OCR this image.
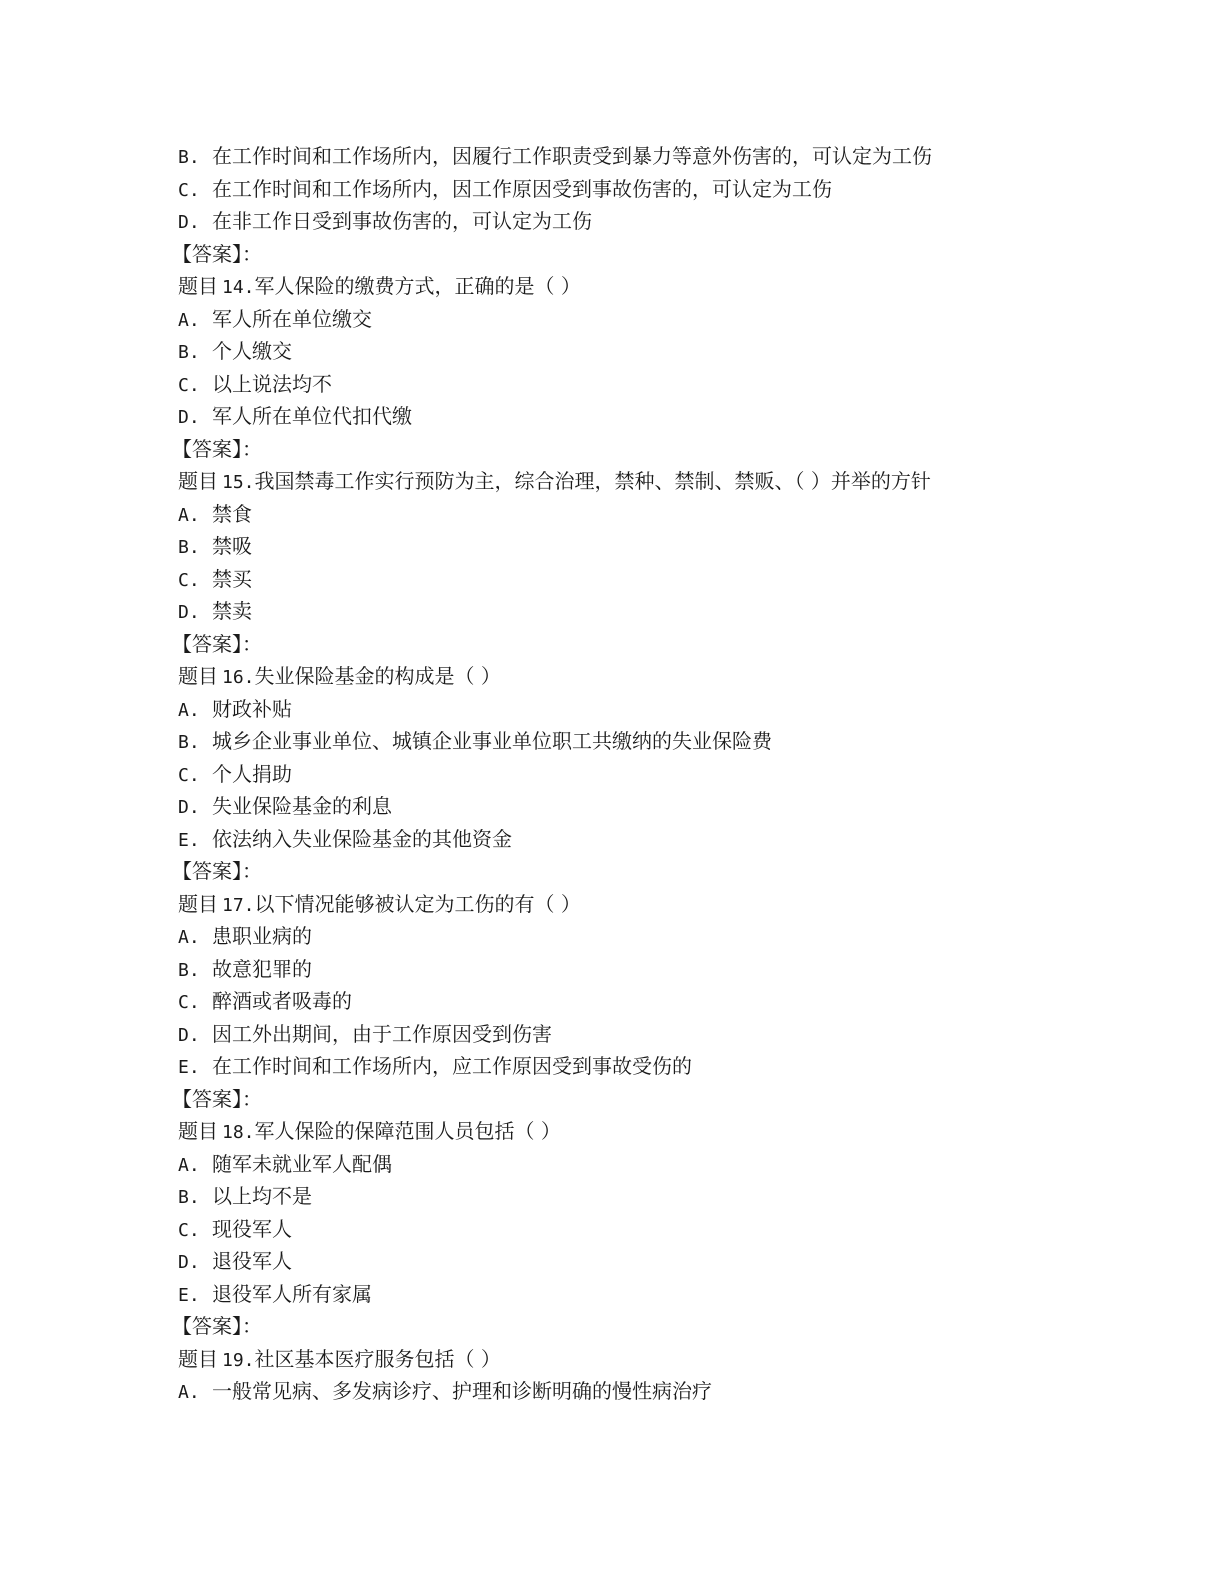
B. 在工作时间和工作场所内，因履行工作职责受到暴力等意外伤害的，可认定为工伤
C. 在工作时间和工作场所内，因工作原因受到事故伤害的，可认定为工伤
D. 在非工作日受到事故伤害的，可认定为工伤
【答案】：
题目 14.军人保险的缴费方式，正确的是（ ）
A. 军人所在单位缴交
B. 个人缴交
C. 以上说法均不
D. 军人所在单位代扣代缴
【答案】：
题目 15.我国禁毒工作实行预防为主，综合治理，禁种、禁制、禁贩、（ ）并举的方针
A. 禁食
B. 禁吸
C. 禁买
D. 禁卖
【答案】：
题目 16.失业保险基金的构成是（ ）
A. 财政补贴
B. 城乡企业事业单位、城镇企业事业单位职工共缴纳的失业保险费
C. 个人捐助
D. 失业保险基金的利息
E. 依法纳入失业保险基金的其他资金
【答案】：
题目 17.以下情况能够被认定为工伤的有（ ）
A. 患职业病的
B. 故意犯罪的
C. 醉酒或者吸毒的
D. 因工外出期间，由于工作原因受到伤害
E. 在工作时间和工作场所内，应工作原因受到事故受伤的
【答案】：
题目 18.军人保险的保障范围人员包括（ ）
A. 随军未就业军人配偶
B. 以上均不是
C. 现役军人
D. 退役军人
E. 退役军人所有家属
【答案】：
题目 19.社区基本医疗服务包括（ ）
A. 一般常见病、多发病诊疗、护理和诊断明确的慢性病治疗
